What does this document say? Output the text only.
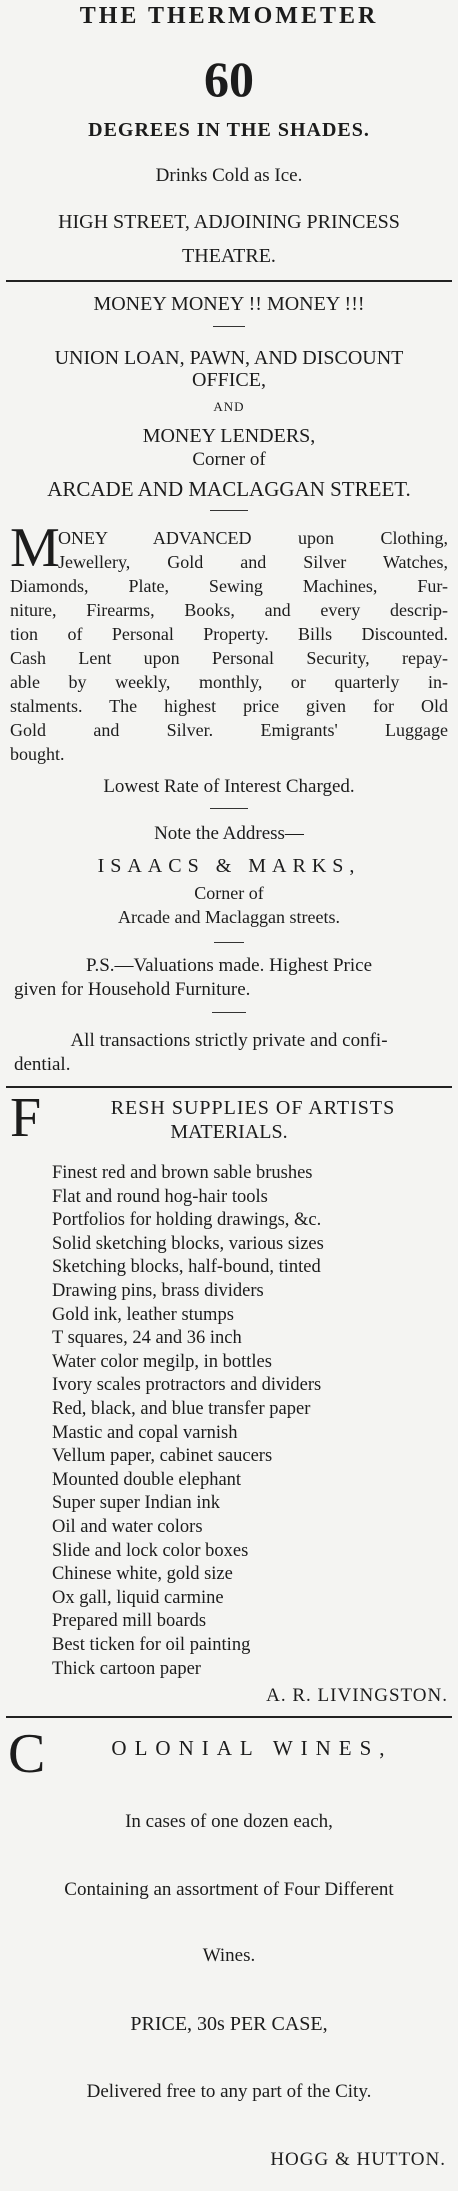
THE THERMOMETER
60
DEGREES IN THE SHADES.
Drinks Cold as Ice.
HIGH STREET, ADJOINING PRINCESS
THEATRE.
MONEY MONEY !! MONEY !!!
UNION LOAN, PAWN, AND DISCOUNT
OFFICE,
AND
MONEY LENDERS,
Corner of
ARCADE AND MACLAGGAN STREET.
M
ONEY ADVANCED upon Clothing,
Jewellery, Gold and Silver Watches,
Diamonds, Plate, Sewing Machines, Fur-
niture, Firearms, Books, and every descrip-
tion of Personal Property. Bills Discounted.
Cash Lent upon Personal Security, repay-
able by weekly, monthly, or quarterly in-
stalments. The highest price given for Old
Gold and Silver. Emigrants' Luggage
bought.
Lowest Rate of Interest Charged.
Note the Address—
ISAACS & MARKS,
Corner of
Arcade and Maclaggan streets.
P.S.—Valuations made. Highest Price
given for Household Furniture.
All transactions strictly private and confi-
dential.
F	RESH SUPPLIES OF ARTISTS
MATERIALS.
Finest red and brown sable brushes
Flat and round hog-hair tools
Portfolios for holding drawings, &c.
Solid sketching blocks, various sizes
Sketching blocks, half-bound, tinted
Drawing pins, brass dividers
Gold ink, leather stumps
T squares, 24 and 36 inch
Water color megilp, in bottles
Ivory scales protractors and dividers
Red, black, and blue transfer paper
Mastic and copal varnish
Vellum paper, cabinet saucers
Mounted double elephant
Super super Indian ink
Oil and water colors
Slide and lock color boxes
Chinese white, gold size
Ox gall, liquid carmine
Prepared mill boards
Best ticken for oil painting
Thick cartoon paper
A. R. LIVINGSTON.
C	OLONIAL WINES,
In cases of one dozen each,
Containing an assortment of Four Different
Wines.
PRICE, 30s PER CASE,
Delivered free to any part of the City.
HOGG & HUTTON.
